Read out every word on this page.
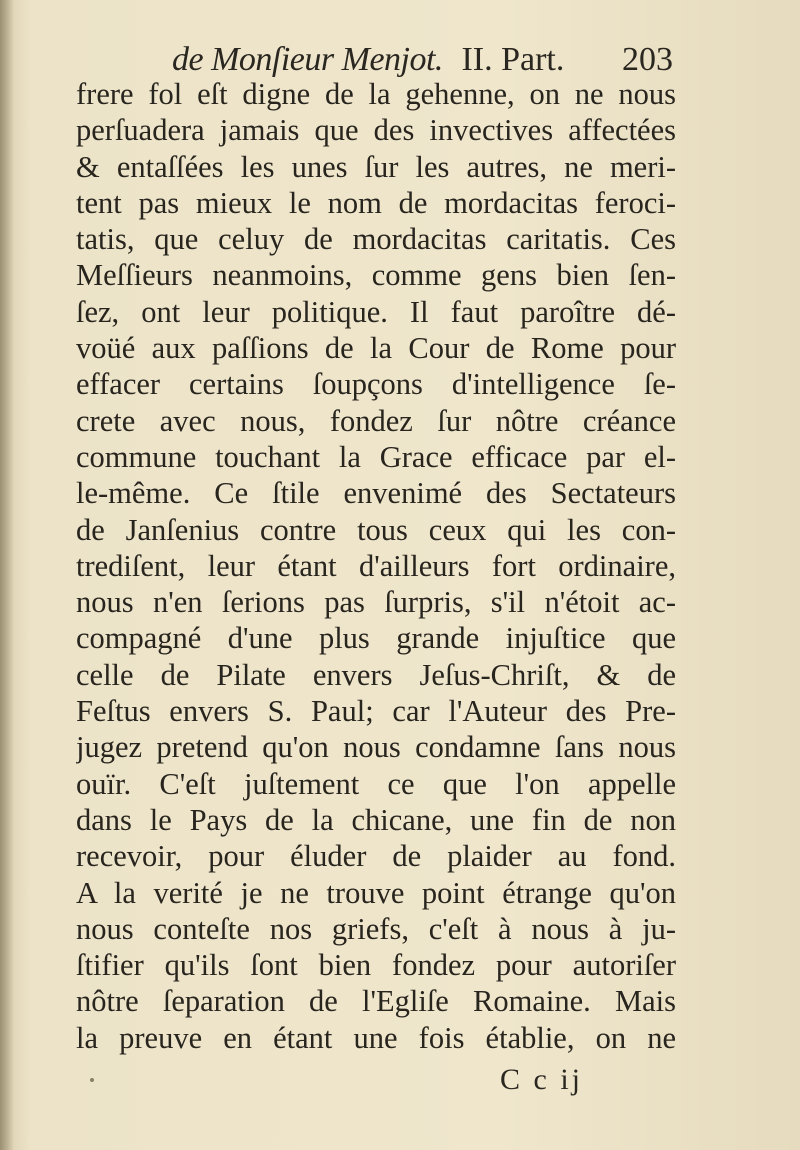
de Monſieur Menjot. II. Part. 203
frere fol eſt digne de la gehenne, on ne nous
perſuadera jamais que des invectives affectées
& entaſſées les unes ſur les autres, ne meri-
tent pas mieux le nom de mordacitas feroci-
tatis, que celuy de mordacitas caritatis. Ces
Meſſieurs neanmoins, comme gens bien ſen-
ſez, ont leur politique. Il faut paroître dé-
voüé aux paſſions de la Cour de Rome pour
effacer certains ſoupçons d'intelligence ſe-
crete avec nous, fondez ſur nôtre créance
commune touchant la Grace efficace par el-
le-même. Ce ſtile envenimé des Sectateurs
de Janſenius contre tous ceux qui les con-
trediſent, leur étant d'ailleurs fort ordinaire,
nous n'en ſerions pas ſurpris, s'il n'étoit ac-
compagné d'une plus grande injuſtice que
celle de Pilate envers Jeſus-Chriſt, & de
Feſtus envers S. Paul; car l'Auteur des Pre-
jugez pretend qu'on nous condamne ſans nous
ouïr. C'eſt juſtement ce que l'on appelle
dans le Pays de la chicane, une fin de non
recevoir, pour éluder de plaider au fond.
A la verité je ne trouve point étrange qu'on
nous conteſte nos griefs, c'eſt à nous à ju-
ſtifier qu'ils ſont bien fondez pour autoriſer
nôtre ſeparation de l'Egliſe Romaine. Mais
la preuve en étant une fois établie, on ne
C c ij
